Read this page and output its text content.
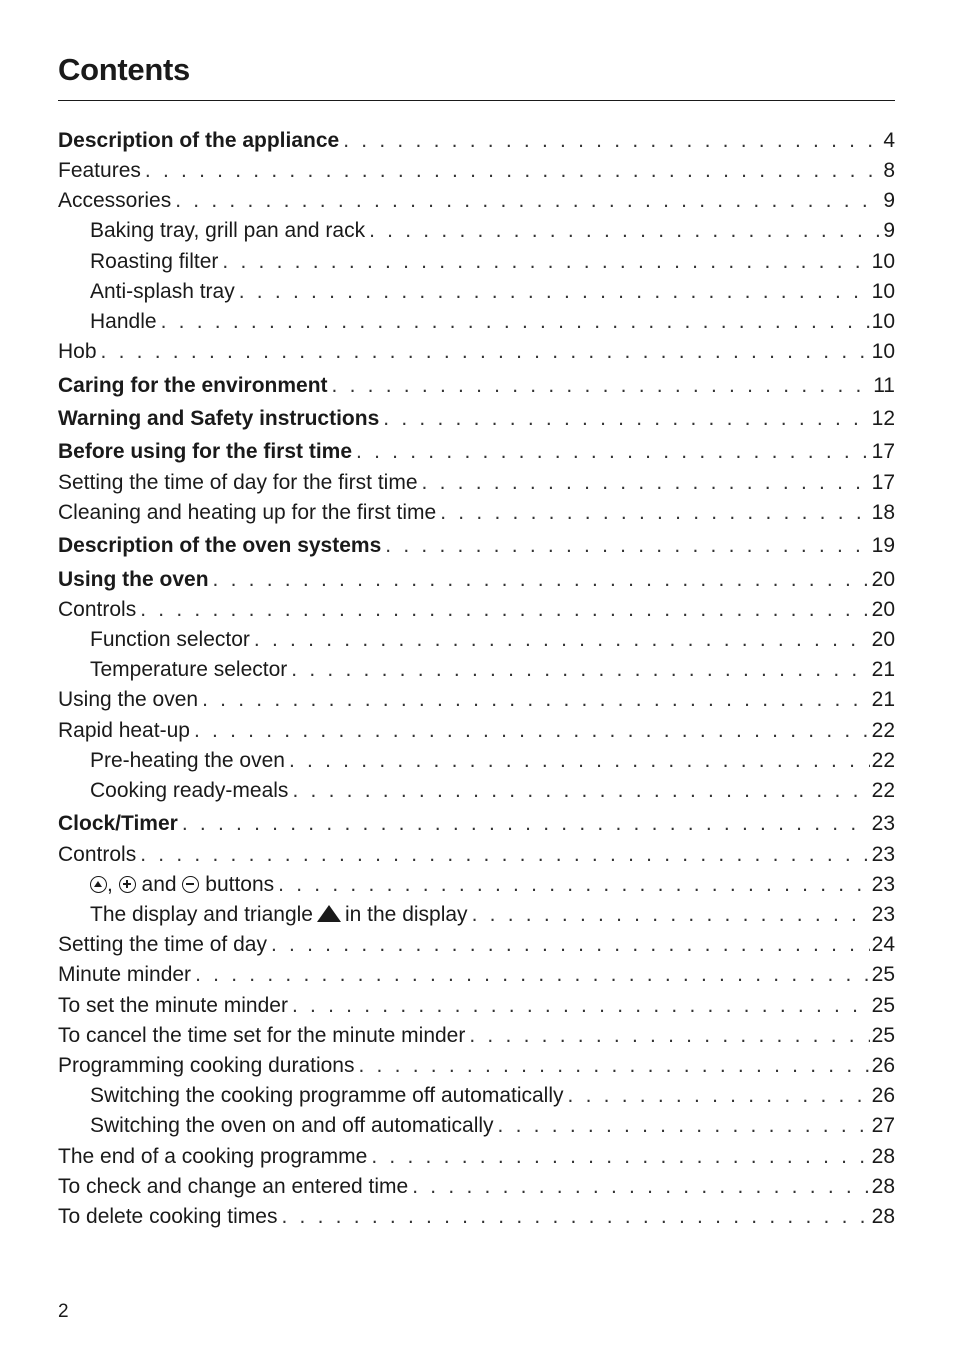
Contents
Description of the appliance . . .	4
Features . . .	8
Accessories . . .	9
Baking tray, grill pan and rack . . .	9
Roasting filter . . .	10
Anti-splash tray . . .	10
Handle . . .	10
Hob . . .	10
Caring for the environment . . .	11
Warning and Safety instructions . . .	12
Before using for the first time . . .	17
Setting the time of day for the first time . . .	17
Cleaning and heating up for the first time . . .	18
Description of the oven systems . . .	19
Using the oven . . .	20
Controls . . .	20
Function selector . . .	20
Temperature selector . . .	21
Using the oven . . .	21
Rapid heat-up . . .	22
Pre-heating the oven . . .	22
Cooking ready-meals . . .	22
Clock/Timer . . .	23
Controls . . .	23
, and buttons . . .	23
The display and triangle in the display . . .	23
Setting the time of day . . .	24
Minute minder . . .	25
To set the minute minder . . .	25
To cancel the time set for the minute minder . . .	25
Programming cooking durations . . .	26
Switching the cooking programme off automatically . . .	26
Switching the oven on and off automatically . . .	27
The end of a cooking programme . . .	28
To check and change an entered time . . .	28
To delete cooking times . . .	28
2
